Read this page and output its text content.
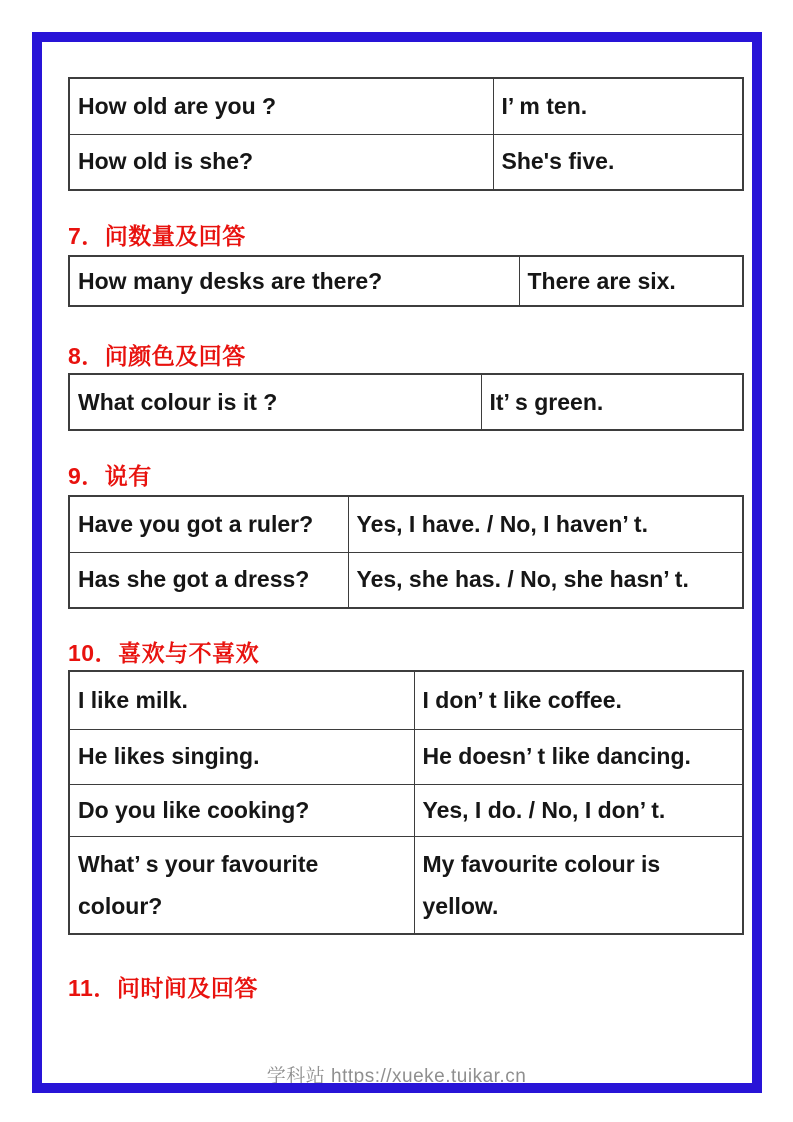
How old are you ?	I’ m ten.
How old is she?	She's five.
7．问数量及回答
How many desks are there?	There are six.
8．问颜色及回答
What colour is it ?	It’ s green.
9．说有
Have you got a ruler?	Yes, I have. / No, I haven’ t.
Has she got a dress?	Yes, she has. / No, she hasn’ t.
10．喜欢与不喜欢
I like milk.	I don’ t like coffee.
He likes singing.	He doesn’ t like dancing.
Do you like cooking?	Yes, I do. / No, I don’ t.
What’ s your favourite colour?	My favourite colour is yellow.
11．问时间及回答
学科站 https://xueke.tuikar.cn
